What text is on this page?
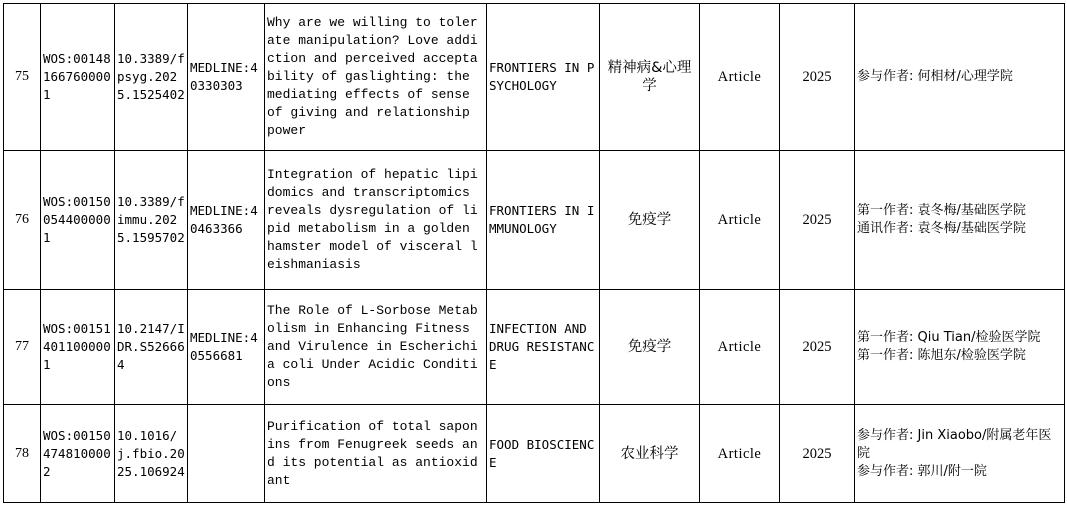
75	WOS:001481667600001	10.3389/fpsyg.2025.1525402	MEDLINE:40330303	Why are we willing to tolerate manipulation? Love addiction and perceived acceptability of gaslighting: the mediating effects of sense of giving and relationship power	FRONTIERS IN PSYCHOLOGY	精神病&心理学	Article	2025	参与作者: 何相材/心理学院

76	WOS:001500544000001	10.3389/fimmu.2025.1595702	MEDLINE:40463366	Integration of hepatic lipidomics and transcriptomics reveals dysregulation of lipid metabolism in a golden hamster model of visceral leishmaniasis	FRONTIERS IN IMMUNOLOGY	免疫学	Article	2025	第一作者: 袁冬梅/基础医学院
通讯作者: 袁冬梅/基础医学院

77	WOS:001514011000001	10.2147/IDR.S526664	MEDLINE:40556681	The Role of L-Sorbose Metabolism in Enhancing Fitness and Virulence in Escherichia coli Under Acidic Conditions	INFECTION AND DRUG RESISTANCE	免疫学	Article	2025	第一作者: Qiu Tian/检验医学院
第一作者: 陈旭东/检验医学院

78	WOS:001504748100002	10.1016/j.fbio.2025.106924		Purification of total saponins from Fenugreek seeds and its potential as antioxidant	FOOD BIOSCIENCE	农业科学	Article	2025	参与作者: Jin Xiaobo/附属老年医院
参与作者: 郭川/附一院
